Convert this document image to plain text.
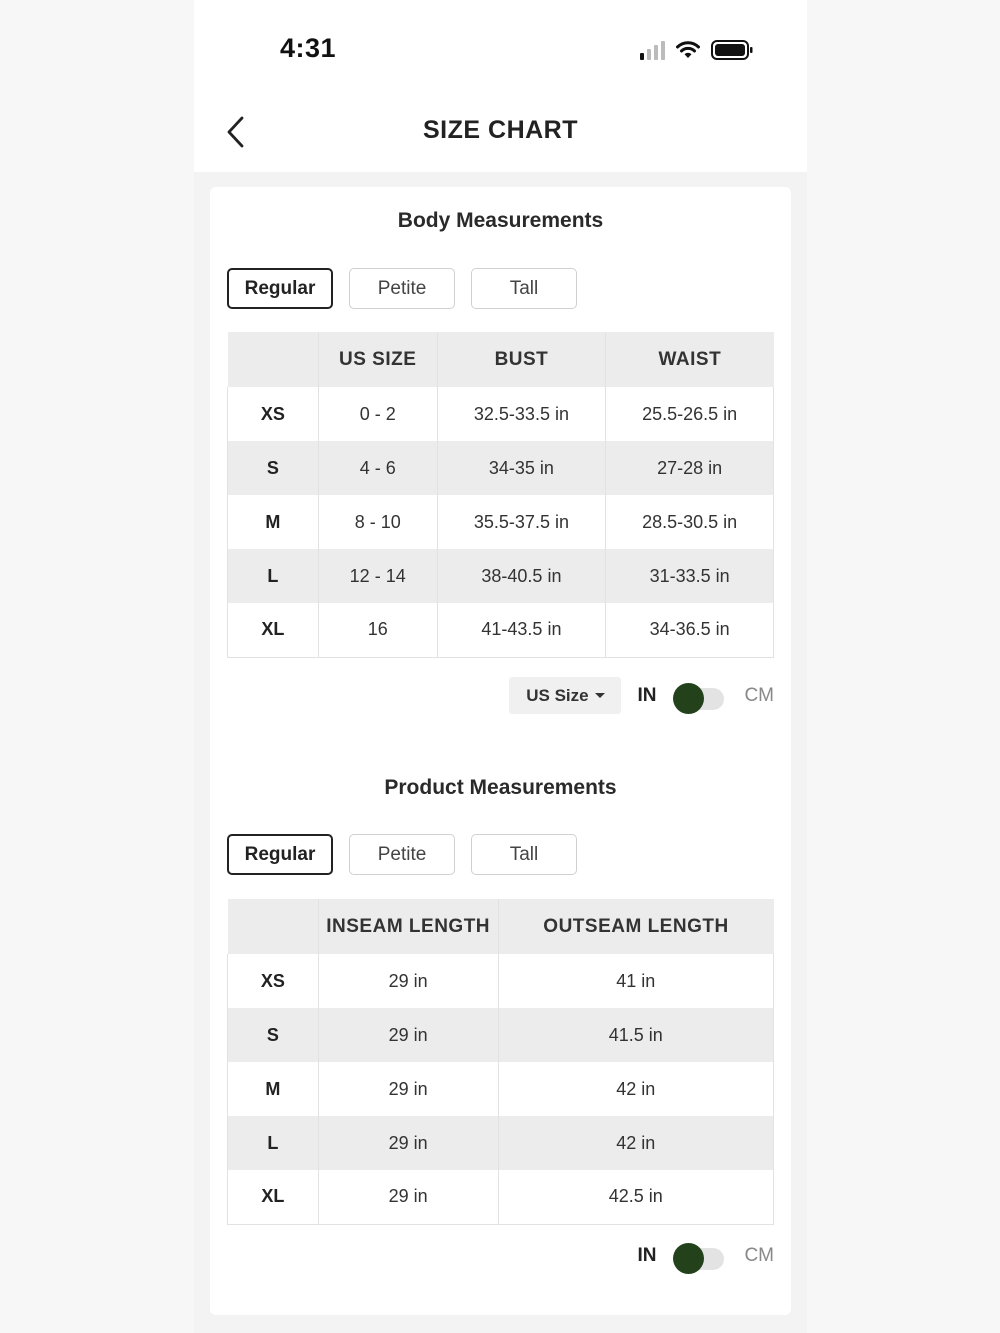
4:31
SIZE CHART
Body Measurements
Regular	Petite	Tall
	US SIZE	BUST	WAIST
XS	0 - 2	32.5-33.5 in	25.5-26.5 in
S	4 - 6	34-35 in	27-28 in
M	8 - 10	35.5-37.5 in	28.5-30.5 in
L	12 - 14	38-40.5 in	31-33.5 in
XL	16	41-43.5 in	34-36.5 in
US Size	IN	CM
Product Measurements
Regular	Petite	Tall
	INSEAM LENGTH	OUTSEAM LENGTH
XS	29 in	41 in
S	29 in	41.5 in
M	29 in	42 in
L	29 in	42 in
XL	29 in	42.5 in
IN	CM
